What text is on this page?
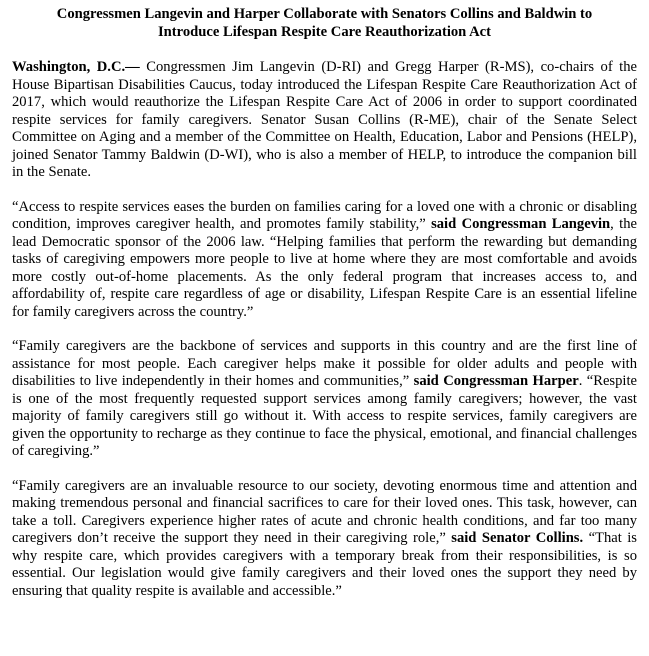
Congressmen Langevin and Harper Collaborate with Senators Collins and Baldwin to
Introduce Lifespan Respite Care Reauthorization Act

Washington, D.C.— Congressmen Jim Langevin (D-RI) and Gregg Harper (R-MS), co-chairs of the House Bipartisan Disabilities Caucus, today introduced the Lifespan Respite Care Reauthorization Act of 2017, which would reauthorize the Lifespan Respite Care Act of 2006 in order to support coordinated respite services for family caregivers. Senator Susan Collins (R-ME), chair of the Senate Select Committee on Aging and a member of the Committee on Health, Education, Labor and Pensions (HELP), joined Senator Tammy Baldwin (D-WI), who is also a member of HELP, to introduce the companion bill in the Senate.

“Access to respite services eases the burden on families caring for a loved one with a chronic or disabling condition, improves caregiver health, and promotes family stability,” said Congressman Langevin, the lead Democratic sponsor of the 2006 law. “Helping families that perform the rewarding but demanding tasks of caregiving empowers more people to live at home where they are most comfortable and avoids more costly out-of-home placements. As the only federal program that increases access to, and affordability of, respite care regardless of age or disability, Lifespan Respite Care is an essential lifeline for family caregivers across the country.”

“Family caregivers are the backbone of services and supports in this country and are the first line of assistance for most people. Each caregiver helps make it possible for older adults and people with disabilities to live independently in their homes and communities,” said Congressman Harper. “Respite is one of the most frequently requested support services among family caregivers; however, the vast majority of family caregivers still go without it. With access to respite services, family caregivers are given the opportunity to recharge as they continue to face the physical, emotional, and financial challenges of caregiving.”

“Family caregivers are an invaluable resource to our society, devoting enormous time and attention and making tremendous personal and financial sacrifices to care for their loved ones. This task, however, can take a toll. Caregivers experience higher rates of acute and chronic health conditions, and far too many caregivers don’t receive the support they need in their caregiving role,” said Senator Collins. “That is why respite care, which provides caregivers with a temporary break from their responsibilities, is so essential. Our legislation would give family caregivers and their loved ones the support they need by ensuring that quality respite is available and accessible.”
